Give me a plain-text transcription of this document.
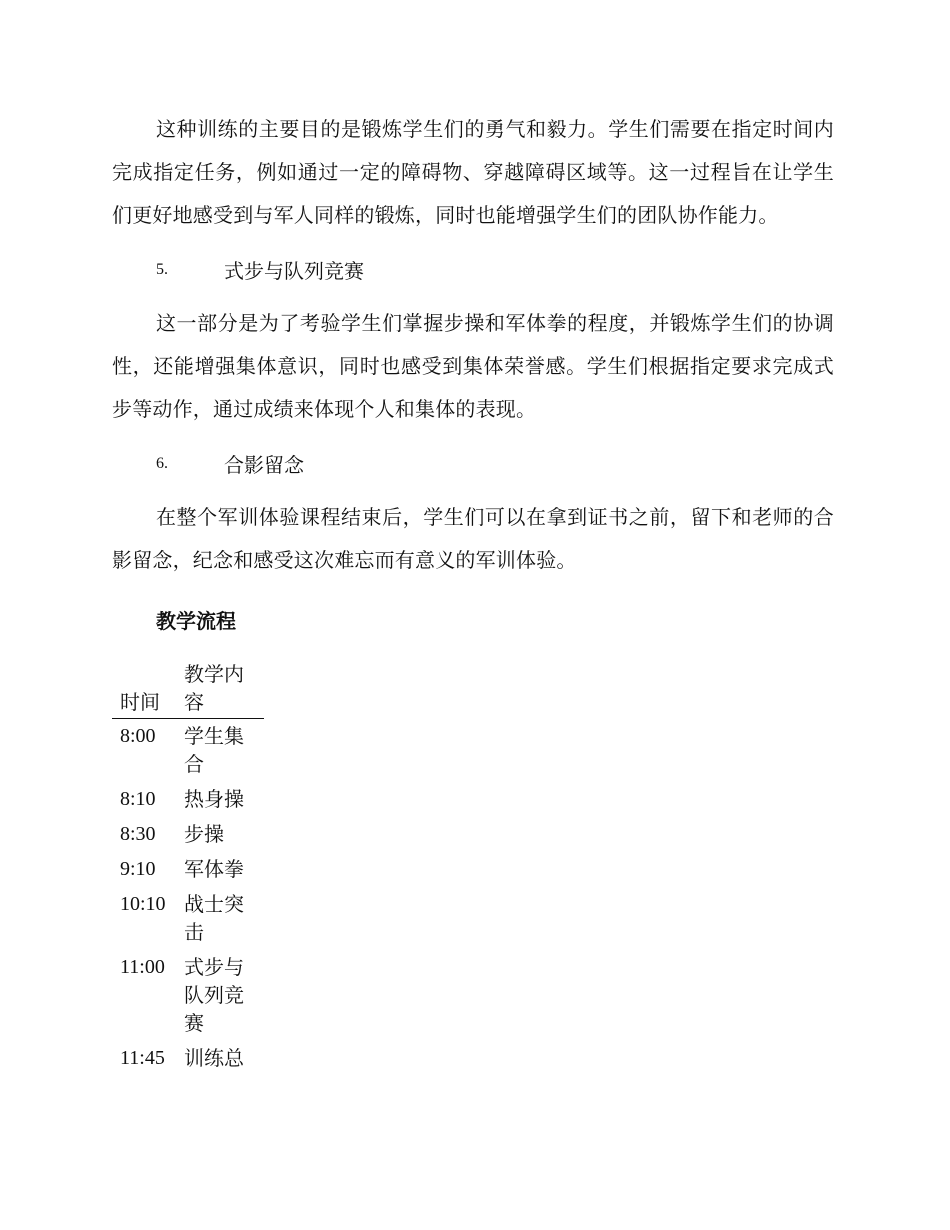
这种训练的主要目的是锻炼学生们的勇气和毅力。学生们需要在指定时间内完成指定任务，例如通过一定的障碍物、穿越障碍区域等。这一过程旨在让学生们更好地感受到与军人同样的锻炼，同时也能增强学生们的团队协作能力。

5.	式步与队列竞赛

这一部分是为了考验学生们掌握步操和军体拳的程度，并锻炼学生们的协调性，还能增强集体意识，同时也感受到集体荣誉感。学生们根据指定要求完成式步等动作，通过成绩来体现个人和集体的表现。

6.	合影留念

在整个军训体验课程结束后，学生们可以在拿到证书之前，留下和老师的合影留念，纪念和感受这次难忘而有意义的军训体验。

教学流程
时间	教学内容
8:00	学生集合
8:10	热身操
8:30	步操
9:10	军体拳
10:10	战士突击
11:00	式步与队列竞赛
11:45	训练总
